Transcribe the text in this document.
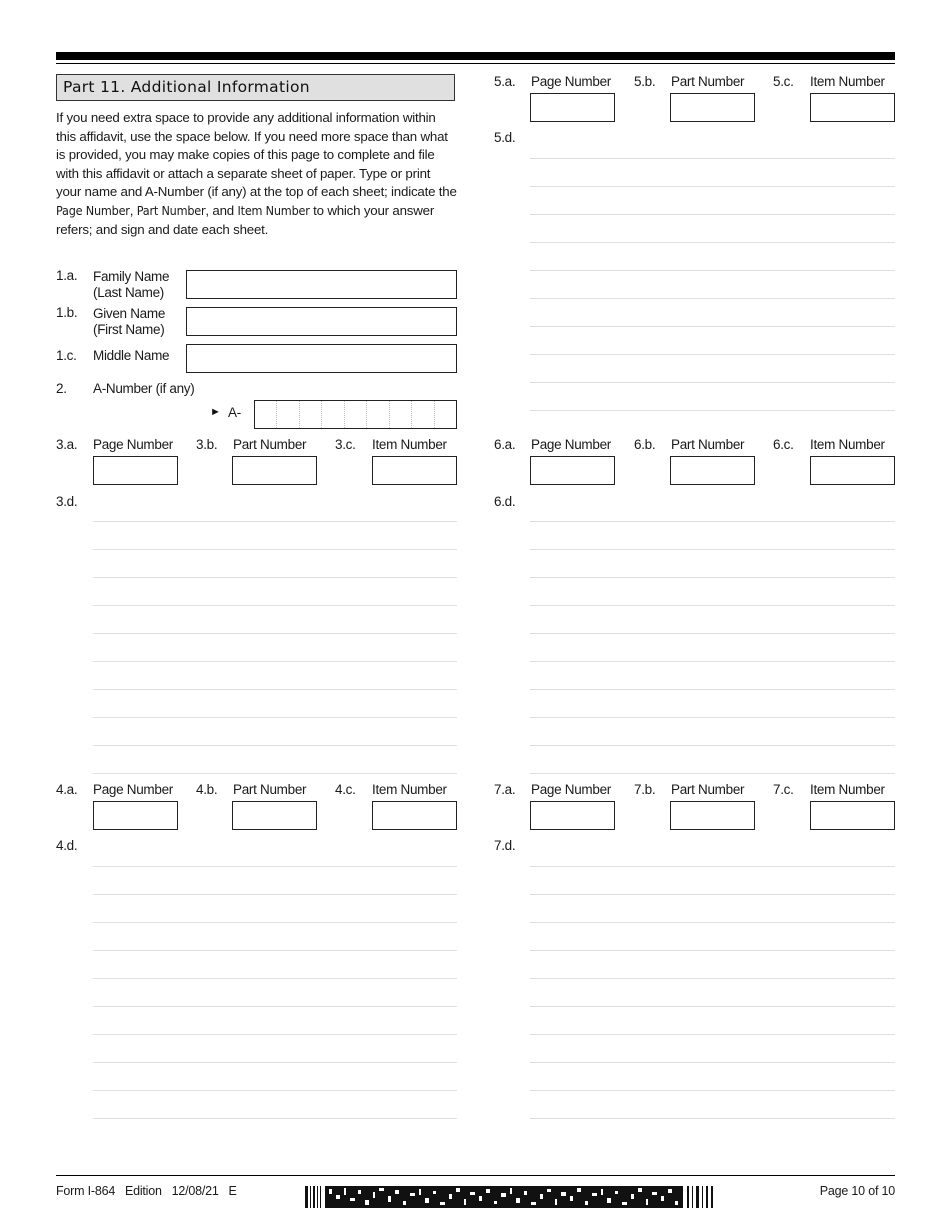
Part 11. Additional Information
If you need extra space to provide any additional information within this affidavit, use the space below. If you need more space than what is provided, you may make copies of this page to complete and file with this affidavit or attach a separate sheet of paper. Type or print your name and A-Number (if any) at the top of each sheet; indicate the Page Number, Part Number, and Item Number to which your answer refers; and sign and date each sheet.
1.a. Family Name
(Last Name)
1.b. Given Name
(First Name)
1.c. Middle Name
2. A-Number (if any)
► A-
3.a. Page Number 3.b. Part Number 3.c. Item Number
3.d.
4.a. Page Number 4.b. Part Number 4.c. Item Number
4.d.
5.a. Page Number 5.b. Part Number 5.c. Item Number
5.d.
6.a. Page Number 6.b. Part Number 6.c. Item Number
6.d.
7.a. Page Number 7.b. Part Number 7.c. Item Number
7.d.
Form I-864   Edition   12/08/21   E	Page 10 of 10
